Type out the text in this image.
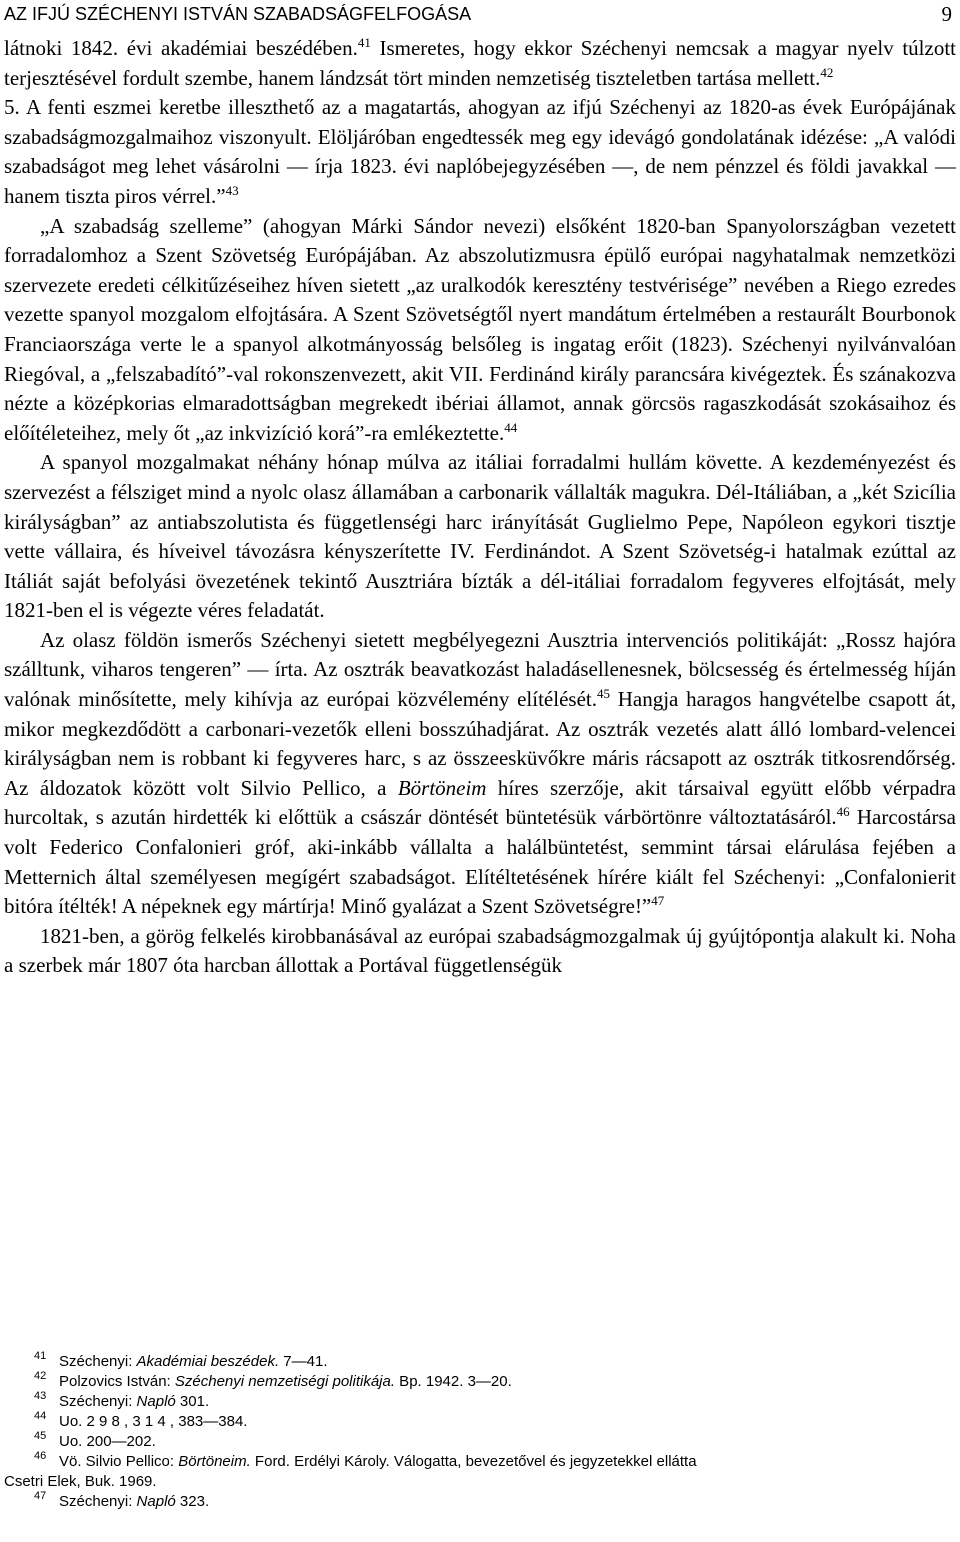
AZ IFJÚ SZÉCHENYI ISTVÁN SZABADSÁGFELFOGÁSA	9

látnoki 1842. évi akadémiai beszédében.$^{41}$ Ismeretes, hogy ekkor Széchenyi nemcsak a magyar nyelv túlzott terjesztésével fordult szembe, hanem lándzsát tört minden nemzetiség tiszteletben tartása mellett.$^{42}$

5. A fenti eszmei keretbe illeszthető az a magatartás, ahogyan az ifjú Széchenyi az 1820-as évek Európájának szabadságmozgalmaihoz viszonyult. Elöljáróban engedtessék meg egy idevágó gondolatának idézése: „A valódi szabadságot meg lehet vásárolni — írja 1823. évi naplóbejegyzésében —, de nem pénzzel és földi javakkal — hanem tiszta piros vérrel.”$^{43}$

„A szabadság szelleme” (ahogyan Márki Sándor nevezi) elsőként 1820-ban Spanyolországban vezetett forradalomhoz a Szent Szövetség Európájában. Az abszolutizmusra épülő európai nagyhatalmak nemzetközi szervezete eredeti célkitűzéseihez híven sietett „az uralkodók keresztény testvérisége” nevében a Riego ezredes vezette spanyol mozgalom elfojtására. A Szent Szövetségtől nyert mandátum értelmében a restaurált Bourbonok Franciaországa verte le a spanyol alkotmányosság belsőleg is ingatag erőit (1823). Széchenyi nyilvánvalóan Riegóval, a „felszabadító”-val rokonszenvezett, akit VII. Ferdinánd király parancsára kivégeztek. És szánakozva nézte a középkorias elmaradottságban megrekedt ibériai államot, annak görcsös ragaszkodását szokásaihoz és előítéleteihez, mely őt „az inkvizíció korá”-ra emlékeztette.$^{44}$

A spanyol mozgalmakat néhány hónap múlva az itáliai forradalmi hullám követte. A kezdeményezést és szervezést a félsziget mind a nyolc olasz államában a carbonarik vállalták magukra. Dél-Itáliában, a „két Szicília királyságban” az antiabszolutista és függetlenségi harc irányítását Guglielmo Pepe, Napóleon egykori tisztje vette vállaira, és híveivel távozásra kényszerítette IV. Ferdinándot. A Szent Szövetség-i hatalmak ezúttal az Itáliát saját befolyási övezetének tekintő Ausztriára bízták a dél-itáliai forradalom fegyveres elfojtását, mely 1821-ben el is végezte véres feladatát.

Az olasz földön ismerős Széchenyi sietett megbélyegezni Ausztria intervenciós politikáját: „Rossz hajóra szálltunk, viharos tengeren” — írta. Az osztrák beavatkozást haladásellenesnek, bölcsesség és értelmesség híján valónak minősítette, mely kihívja az európai közvélemény elítélését.$^{45}$ Hangja haragos hangvételbe csapott át, mikor megkezdődött a carbonari-vezetők elleni bosszúhadjárat. Az osztrák vezetés alatt álló lombard-velencei királyságban nem is robbant ki fegyveres harc, s az összeesküvőkre máris rácsapott az osztrák titkosrendőrség. Az áldozatok között volt Silvio Pellico, a Börtöneim híres szerzője, akit társaival együtt előbb vérpadra hurcoltak, s azután hirdették ki előttük a császár döntését büntetésük várbörtönre változtatásáról.$^{46}$ Harcostársa volt Federico Confalonieri gróf, aki-inkább vállalta a halálbüntetést, semmint társai elárulása fejében a Metternich által személyesen megígért szabadságot. Elítéltetésének hírére kiált fel Széchenyi: „Confalonierit bitóra ítélték! A népeknek egy mártírja! Minő gyalázat a Szent Szövetségre!”$^{47}$

1821-ben, a görög felkelés kirobbanásával az európai szabadságmozgalmak új gyújtópontja alakult ki. Noha a szerbek már 1807 óta harcban állottak a Portával függetlenségük

41 Széchenyi: Akadémiai beszédek. 7—41.
42 Polzovics István: Széchenyi nemzetiségi politikája. Bp. 1942. 3—20.
43 Széchenyi: Napló 301.
44 Uo. 2 9 8 , 3 1 4 , 383—384.
45 Uo. 200—202.
46 Vö. Silvio Pellico: Börtöneim. Ford. Erdélyi Károly. Válogatta, bevezetővel és jegyzetekkel ellátta
Csetri Elek, Buk. 1969.
47 Széchenyi: Napló 323.
